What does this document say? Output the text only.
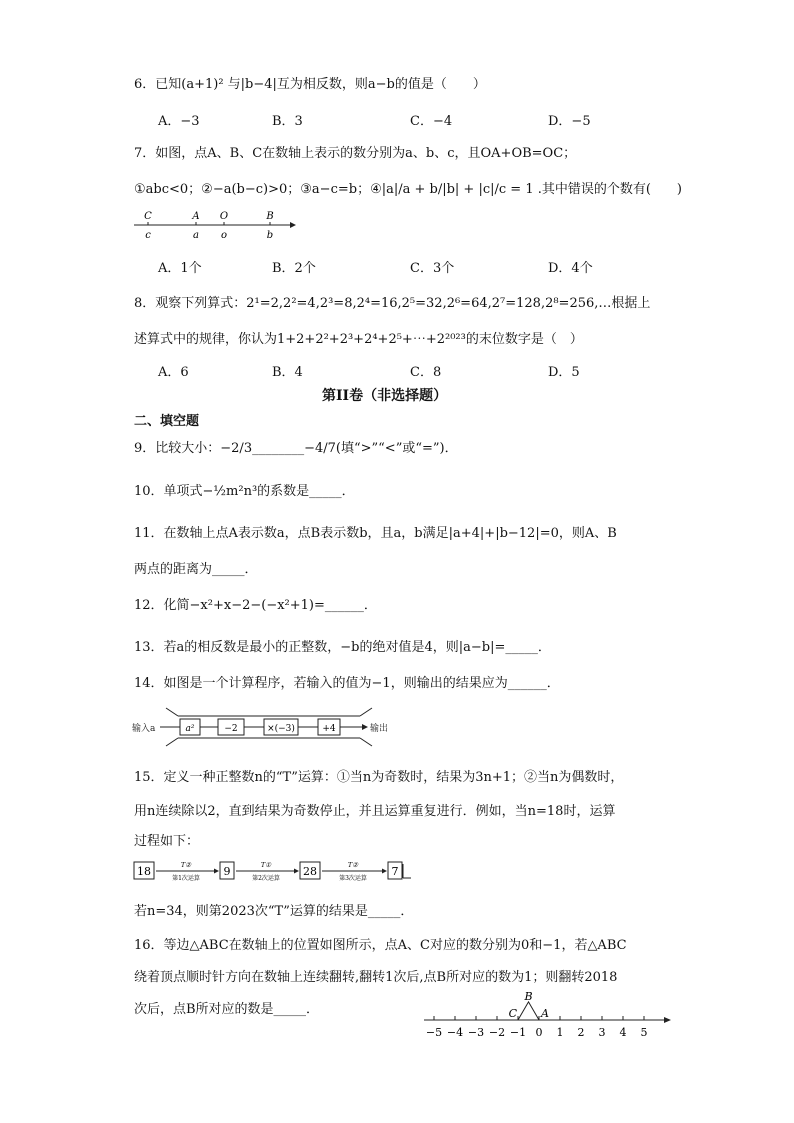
6．已知(a+1)² 与|b−4|互为相反数，则a−b的值是（　　）
A．−3	B．3	C．−4	D．−5
7．如图，点A、B、C在数轴上表示的数分别为a、b、c，且OA+OB=OC；
①abc<0；②−a(b−c)>0；③a−c=b；④|a|/a + b/|b| + |c|/c = 1 .其中错误的个数有(　　)
C
c
A
a
O
o
B
b
A．1个	B．2个	C．3个	D．4个
8．观察下列算式：2¹=2,2²=4,2³=8,2⁴=16,2⁵=32,2⁶=64,2⁷=128,2⁸=256,…根据上
述算式中的规律，你认为1+2+2²+2³+2⁴+2⁵+⋯+2²⁰²³的末位数字是（　）
A．6	B．4	C．8	D．5
第II卷（非选择题）
二、填空题
9．比较大小：−2/3________−4/7(填“>”“<”或“=”)．
10．单项式−½m²n³的系数是_____．
11．在数轴上点A表示数a，点B表示数b，且a，b满足|a+4|+|b−12|=0，则A、B
两点的距离为_____．
12．化简−x²+x−2−(−x²+1)=______．
13．若a的相反数是最小的正整数，−b的绝对值是4，则|a−b|=_____．
14．如图是一个计算程序，若输入的值为−1，则输出的结果应为______．
输入a	a²	−2	×(−3)	+4	输出
15．定义一种正整数n的“T”运算：①当n为奇数时，结果为3n+1；②当n为偶数时，
用n连续除以2，直到结果为奇数停止，并且运算重复进行．例如，当n=18时，运算
过程如下：
18	9	28	7
T②	T①	T②
第1次运算	第2次运算	第3次运算
若n=34，则第2023次“T”运算的结果是_____．
16．等边△ABC在数轴上的位置如图所示，点A、C对应的数分别为0和−1，若△ABC
绕着顶点顺时针方向在数轴上连续翻转,翻转1次后,点B所对应的数为1；则翻转2018
次后，点B所对应的数是_____．
−5 −4 −3 −2 −1 0 1 2 3 4 5
B
C A
